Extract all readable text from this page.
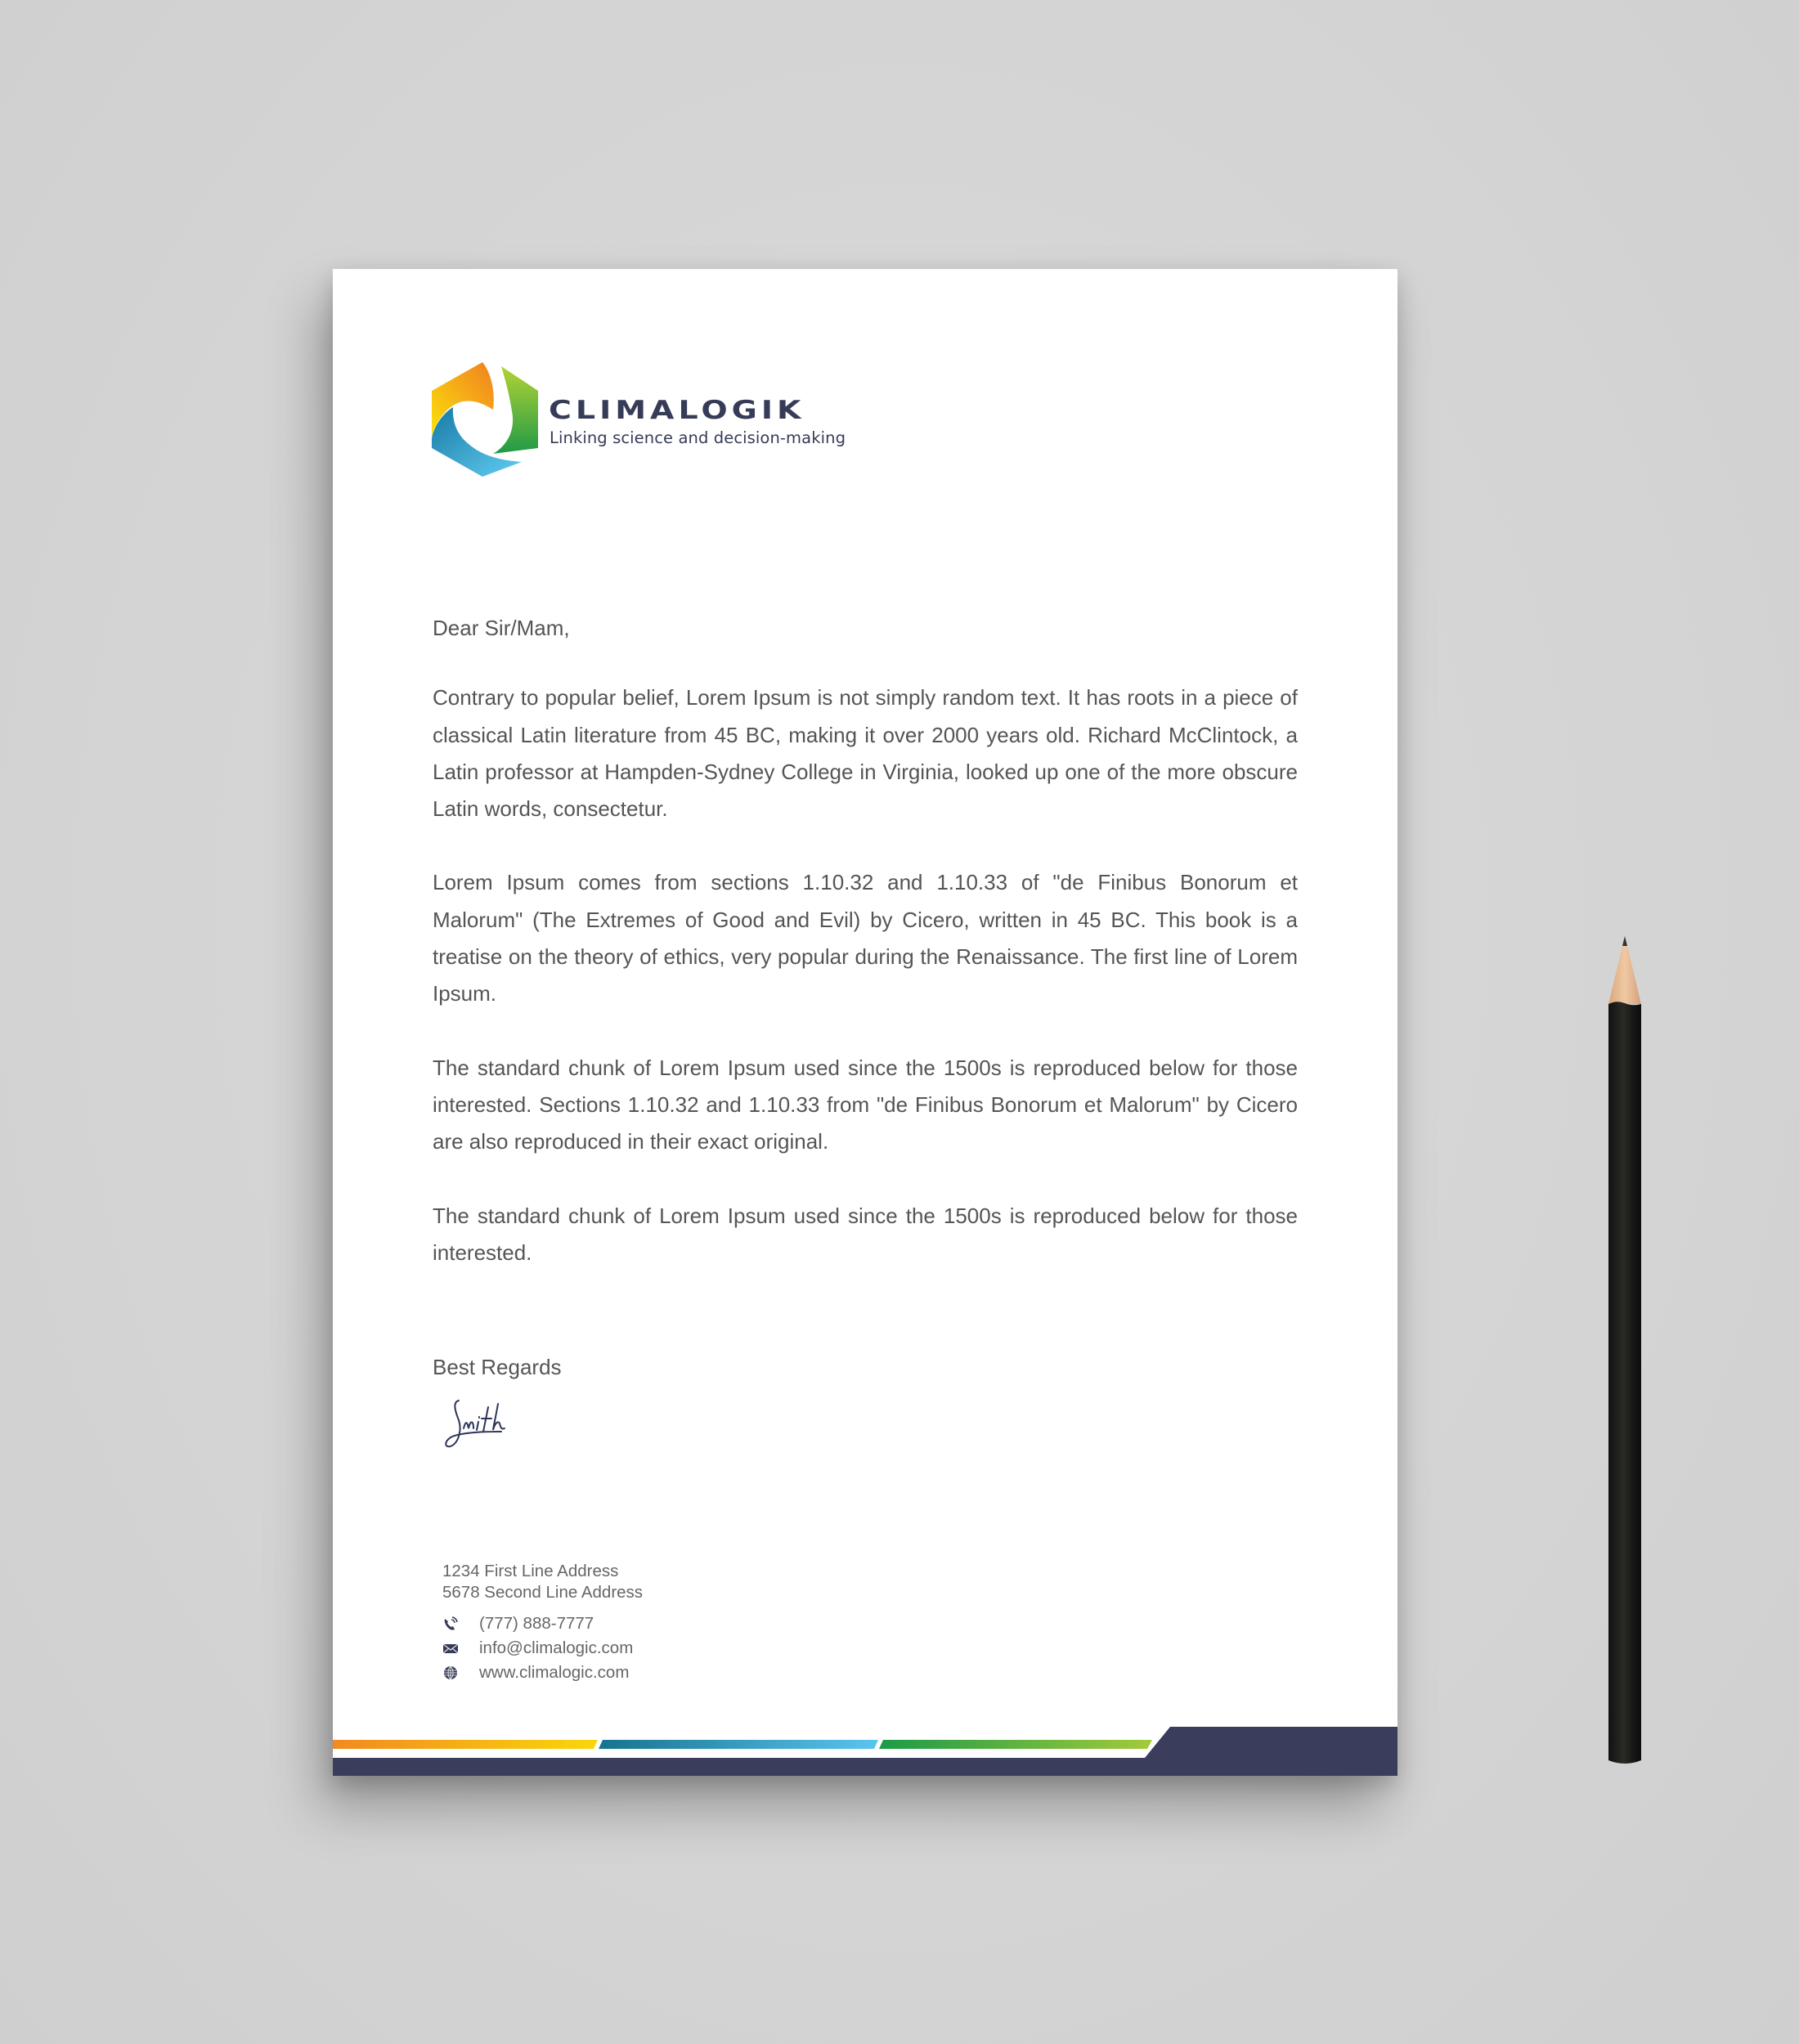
CLIMALOGIK
Linking science and decision-making

Dear Sir/Mam,

Contrary to popular belief, Lorem Ipsum is not simply random text. It has roots in a piece of classical Latin literature from 45 BC, making it over 2000 years old. Richard McClintock, a Latin professor at Hampden-Sydney College in Virginia, looked up one of the more obscure Latin words, consectetur.

Lorem Ipsum comes from sections 1.10.32 and 1.10.33 of "de Finibus Bonorum et Malorum" (The Extremes of Good and Evil) by Cicero, written in 45 BC. This book is a treatise on the theory of ethics, very popular during the Renaissance. The first line of Lorem Ipsum.

The standard chunk of Lorem Ipsum used since the 1500s is reproduced below for those interested. Sections 1.10.32 and 1.10.33 from "de Finibus Bonorum et Malorum" by Cicero are also reproduced in their exact original.

The standard chunk of Lorem Ipsum used since the 1500s is reproduced below for those interested.

Best Regards

1234 First Line Address

5678 Second Line Address

(777) 888-7777
info@climalogic.com
www.climalogic.com
